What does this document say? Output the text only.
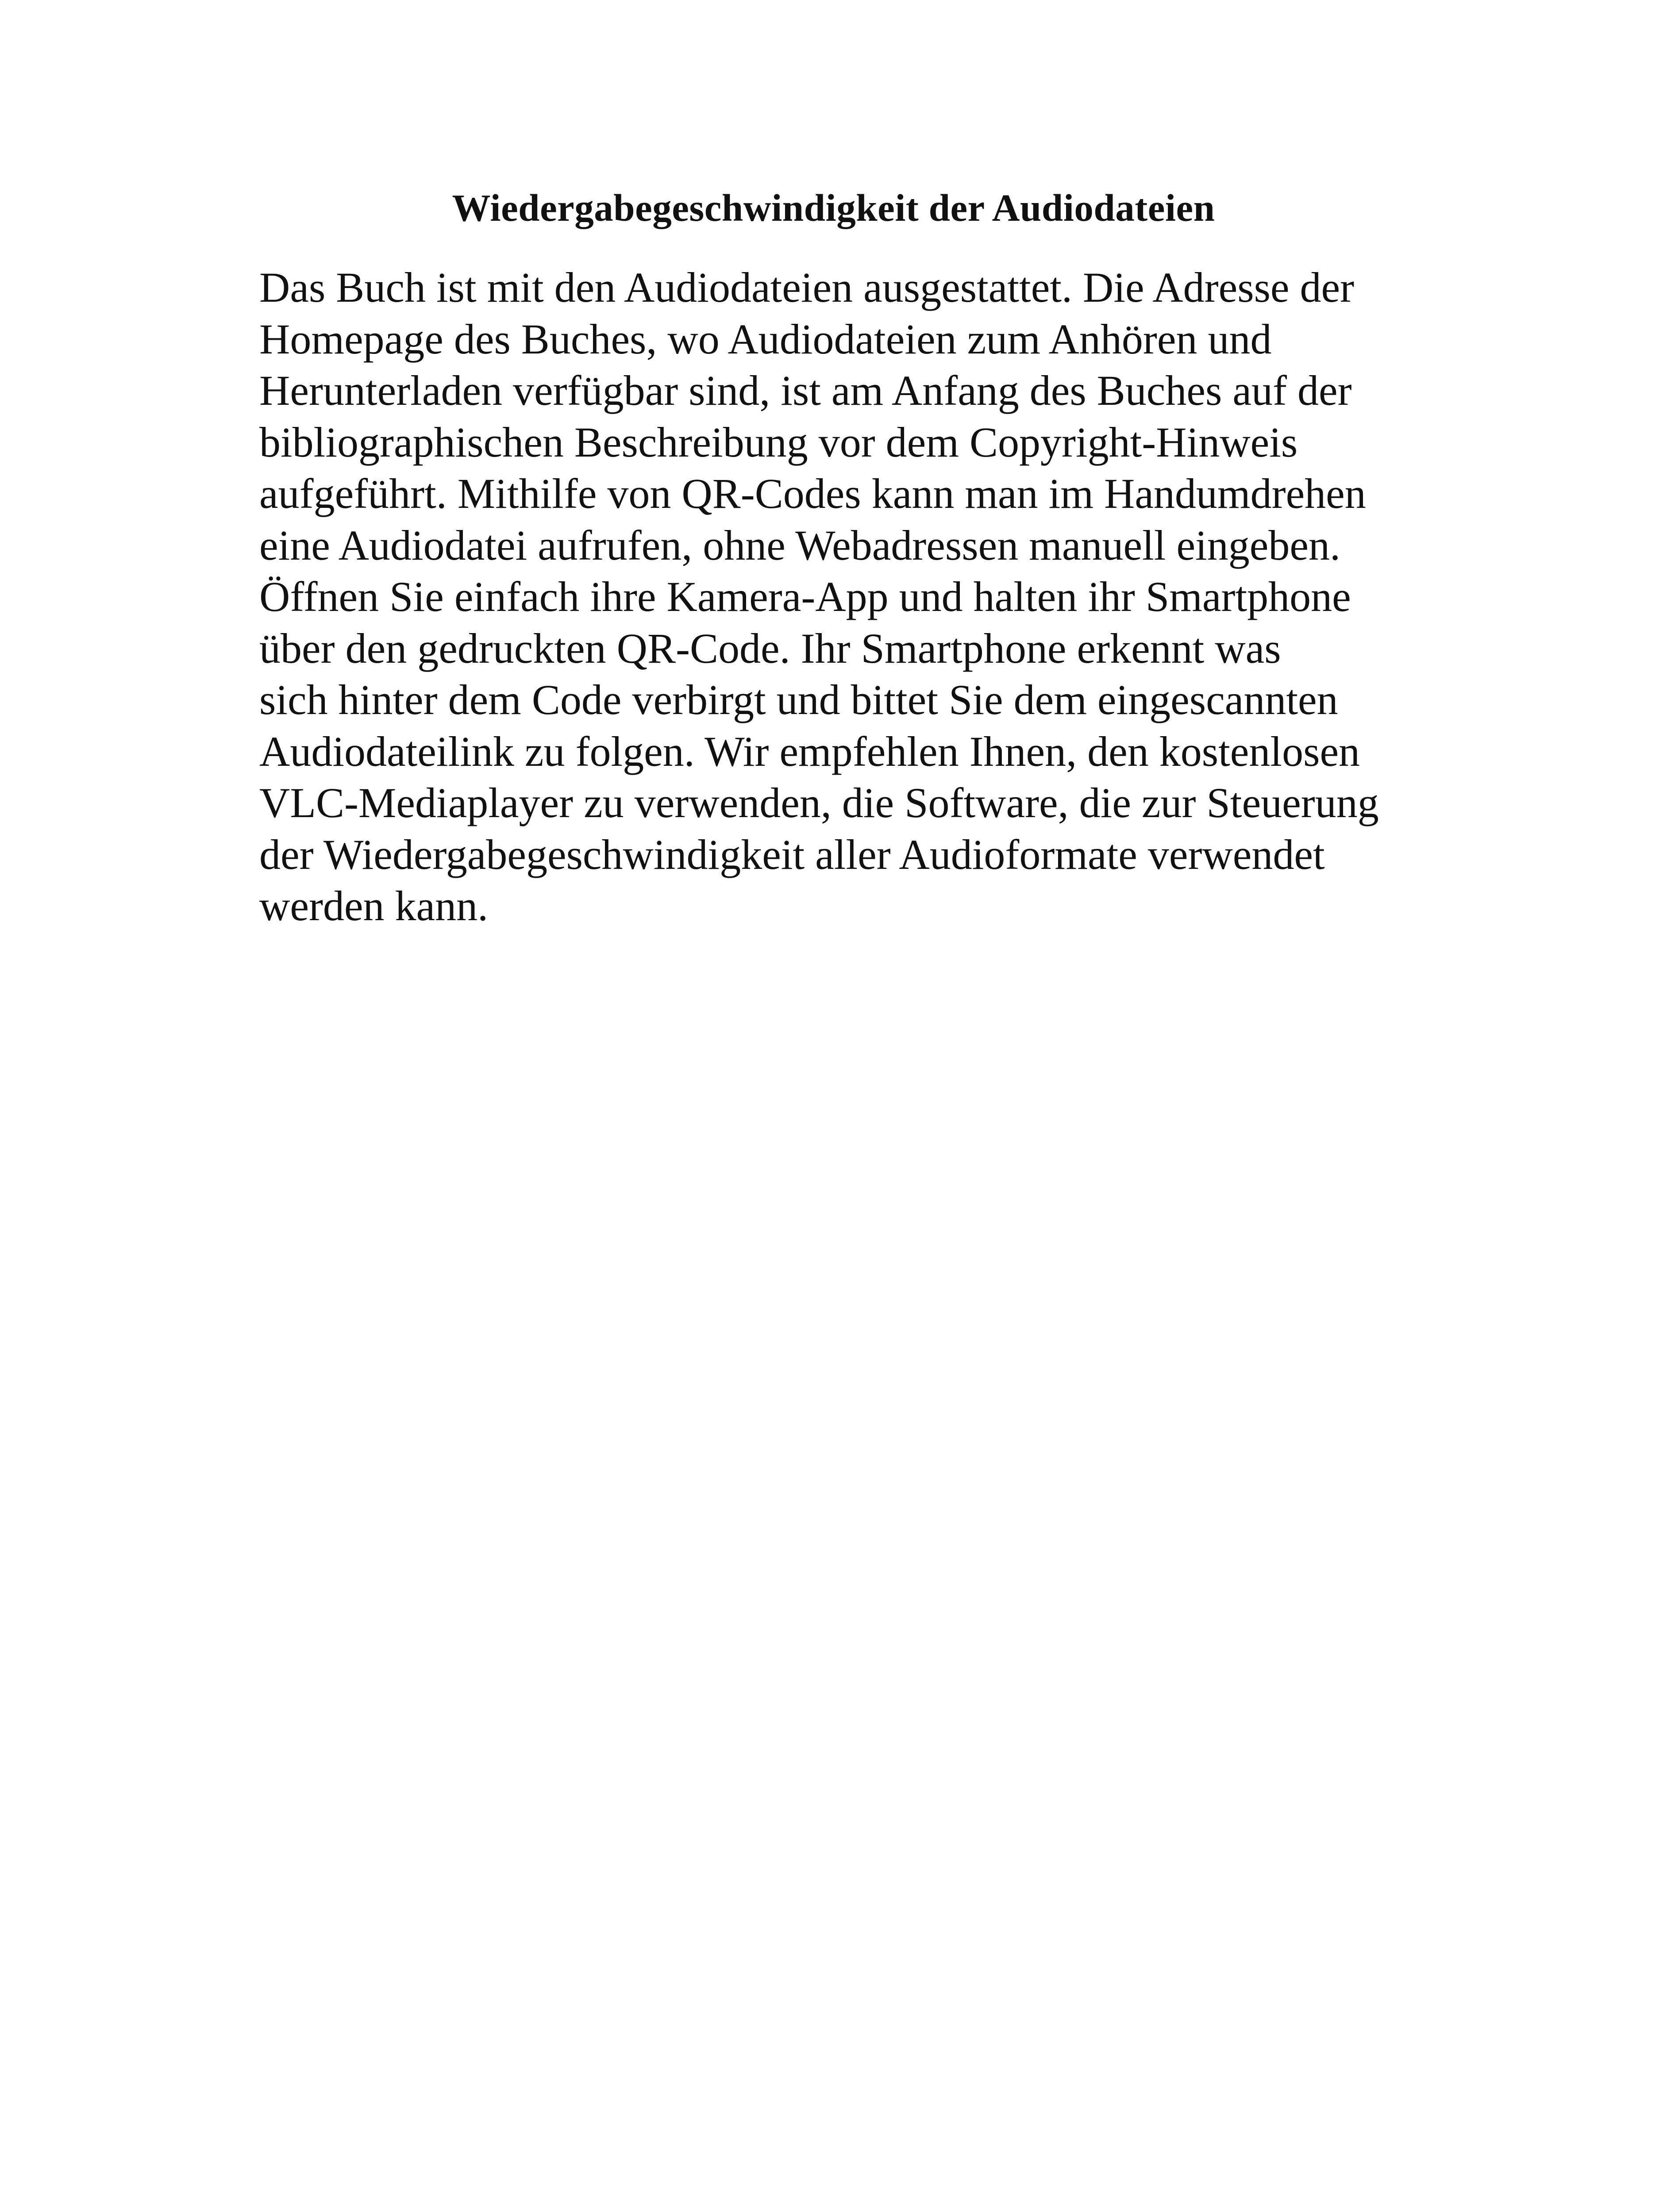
Wiedergabegeschwindigkeit der Audiodateien

Das Buch ist mit den Audiodateien ausgestattet. Die Adresse der
Homepage des Buches, wo Audiodateien zum Anhören und
Herunterladen verfügbar sind, ist am Anfang des Buches auf der
bibliographischen Beschreibung vor dem Copyright-Hinweis
aufgeführt. Mithilfe von QR-Codes kann man im Handumdrehen
eine Audiodatei aufrufen, ohne Webadressen manuell eingeben.
Öffnen Sie einfach ihre Kamera-App und halten ihr Smartphone
über den gedruckten QR-Code. Ihr Smartphone erkennt was
sich hinter dem Code verbirgt und bittet Sie dem eingescannten
Audiodateilink zu folgen. Wir empfehlen Ihnen, den kostenlosen
VLC-Mediaplayer zu verwenden, die Software, die zur Steuerung
der Wiedergabegeschwindigkeit aller Audioformate verwendet
werden kann.
